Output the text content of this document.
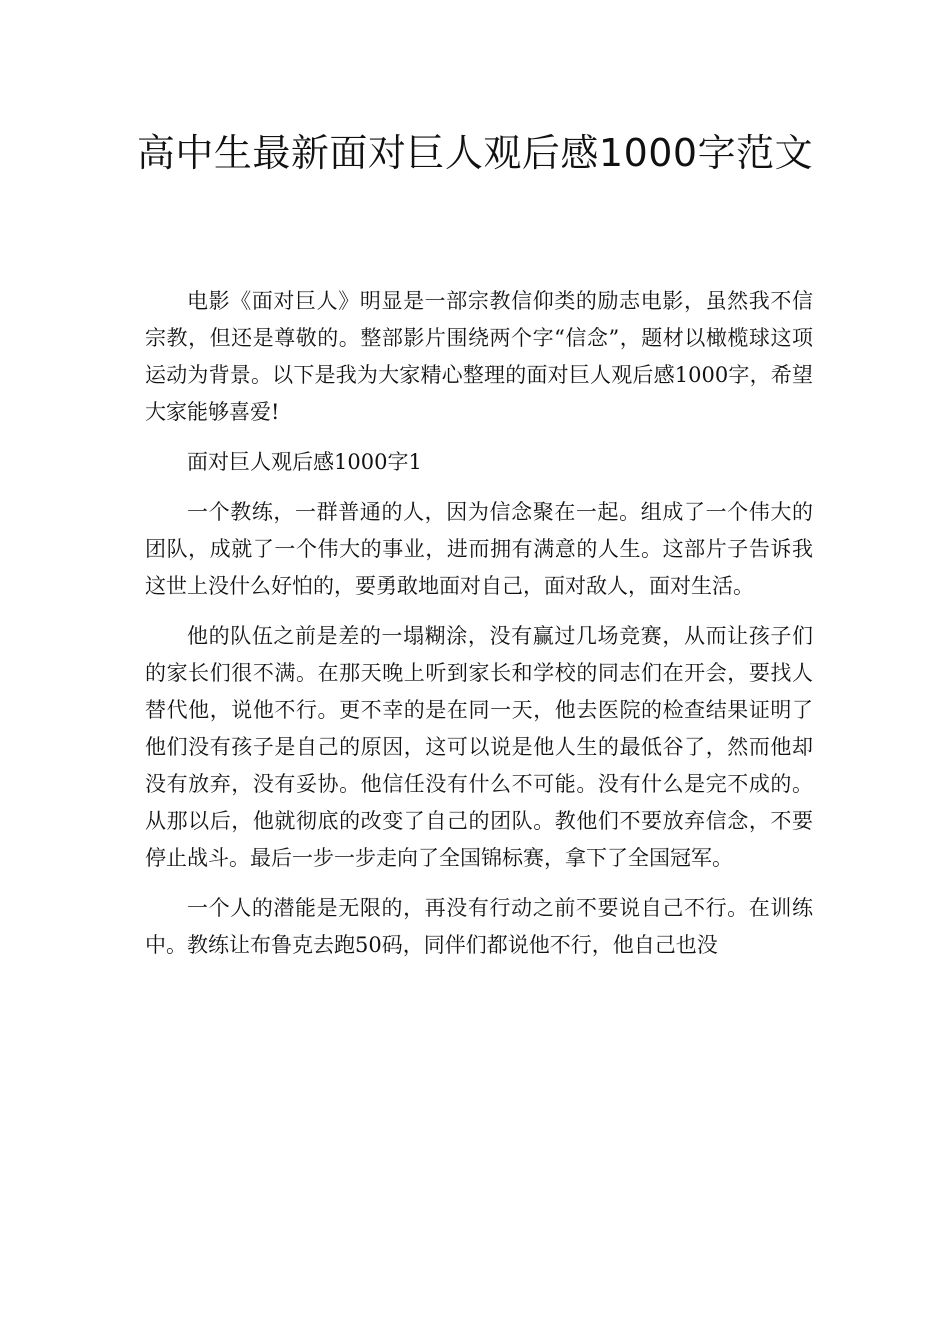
高中生最新面对巨人观后感1000字范文

电影《面对巨人》明显是一部宗教信仰类的励志电影，虽然我不信宗教，但还是尊敬的。整部影片围绕两个字“信念”，题材以橄榄球这项运动为背景。以下是我为大家精心整理的面对巨人观后感1000字，希望大家能够喜爱!

面对巨人观后感1000字1

一个教练，一群普通的人，因为信念聚在一起。组成了一个伟大的团队，成就了一个伟大的事业，进而拥有满意的人生。这部片子告诉我这世上没什么好怕的，要勇敢地面对自己，面对敌人，面对生活。

他的队伍之前是差的一塌糊涂，没有赢过几场竞赛，从而让孩子们的家长们很不满。在那天晚上听到家长和学校的同志们在开会，要找人替代他，说他不行。更不幸的是在同一天，他去医院的检查结果证明了他们没有孩子是自己的原因，这可以说是他人生的最低谷了，然而他却没有放弃，没有妥协。他信任没有什么不可能。没有什么是完不成的。从那以后，他就彻底的改变了自己的团队。教他们不要放弃信念，不要停止战斗。最后一步一步走向了全国锦标赛，拿下了全国冠军。

一个人的潜能是无限的，再没有行动之前不要说自己不行。在训练中。教练让布鲁克去跑50码，同伴们都说他不行，他自己也没
